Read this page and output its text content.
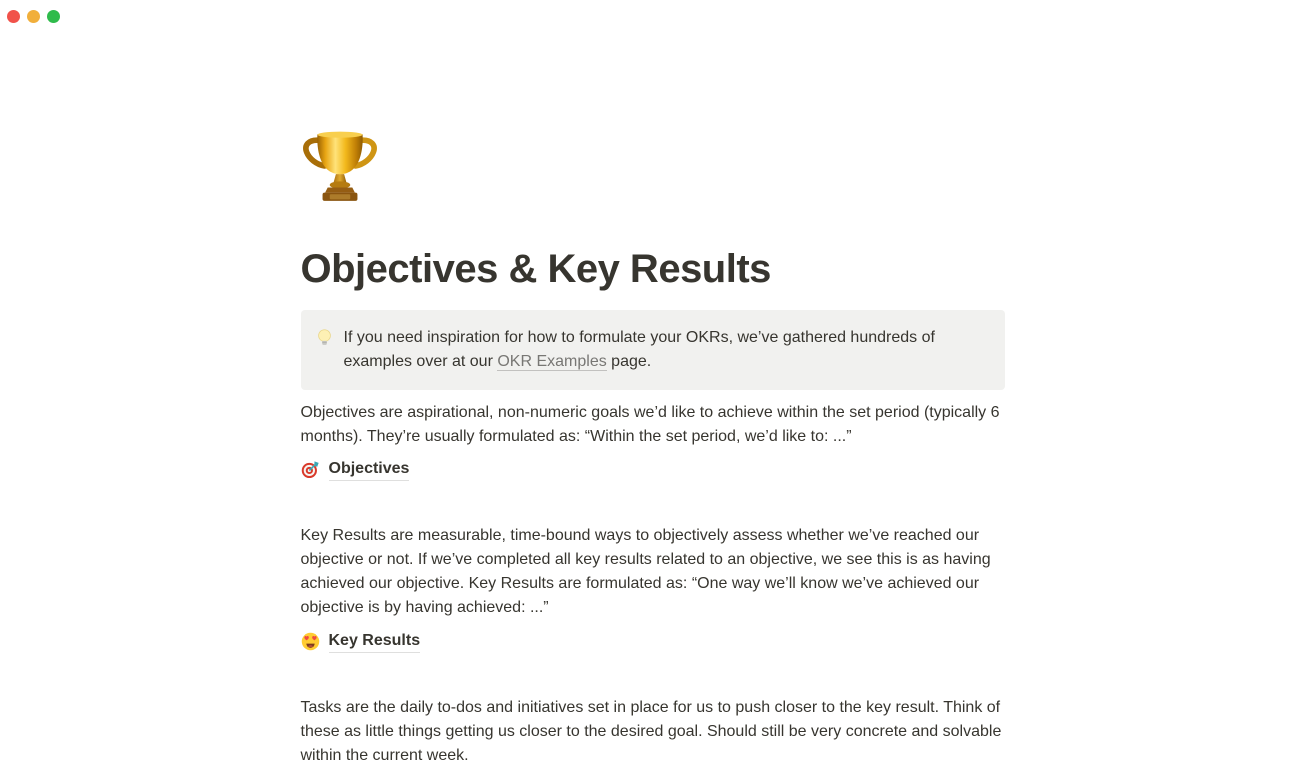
Objectives & Key Results

If you need inspiration for how to formulate your OKRs, we’ve gathered hundreds of examples over at our OKR Examples page.

Objectives are aspirational, non-numeric goals we’d like to achieve within the set period (typically 6 months). They’re usually formulated as: “Within the set period, we’d like to: ...”

Objectives

Key Results are measurable, time-bound ways to objectively assess whether we’ve reached our objective or not. If we’ve completed all key results related to an objective, we see this is as having achieved our objective. Key Results are formulated as: “One way we’ll know we’ve achieved our objective is by having achieved: ...”

Key Results

Tasks are the daily to-dos and initiatives set in place for us to push closer to the key result. Think of these as little things getting us closer to the desired goal. Should still be very concrete and solvable within the current week.
